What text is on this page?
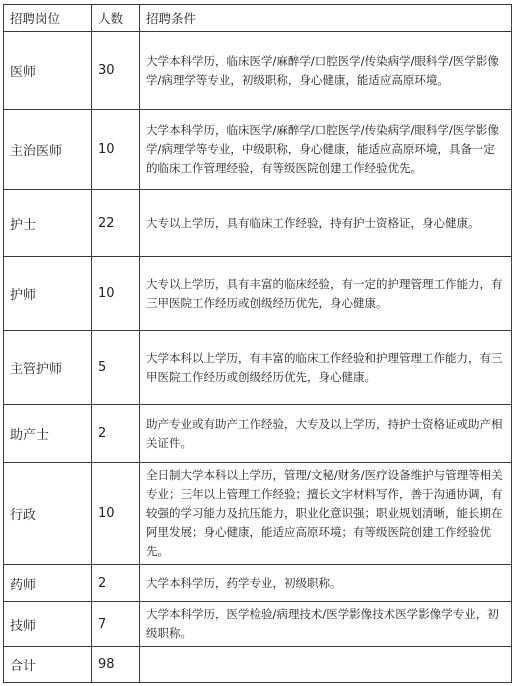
招聘岗位	人数	招聘条件
医师	30	大学本科学历，临床医学/麻醉学/口腔医学/传染病学/眼科学/医学影像学/病理学等专业，初级职称，身心健康，能适应高原环境。
主治医师	10	大学本科学历，临床医学/麻醉学/口腔医学/传染病学/眼科学/医学影像学/病理学等专业，中级职称，身心健康，能适应高原环境，具备一定的临床工作管理经验，有等级医院创建工作经验优先。
护士	22	大专以上学历，具有临床工作经验，持有护士资格证，身心健康。
护师	10	大专以上学历，具有丰富的临床经验，有一定的护理管理工作能力，有三甲医院工作经历或创级经历优先，身心健康。
主管护师	5	大学本科以上学历，有丰富的临床工作经验和护理管理工作能力，有三甲医院工作经历或创级经历优先，身心健康。
助产士	2	助产专业或有助产工作经验，大专及以上学历，持护士资格证或助产相关证件。
行政	10	全日制大学本科以上学历，管理/文秘/财务/医疗设备维护与管理等相关专业；三年以上管理工作经验；擅长文字材料写作，善于沟通协调，有较强的学习能力及抗压能力，职业化意识强；职业规划清晰，能长期在阿里发展；身心健康，能适应高原环境；有等级医院创建工作经验优先。
药师	2	大学本科学历，药学专业，初级职称。
技师	7	大学本科学历，医学检验/病理技术/医学影像技术医学影像学专业，初级职称。
合计	98	
